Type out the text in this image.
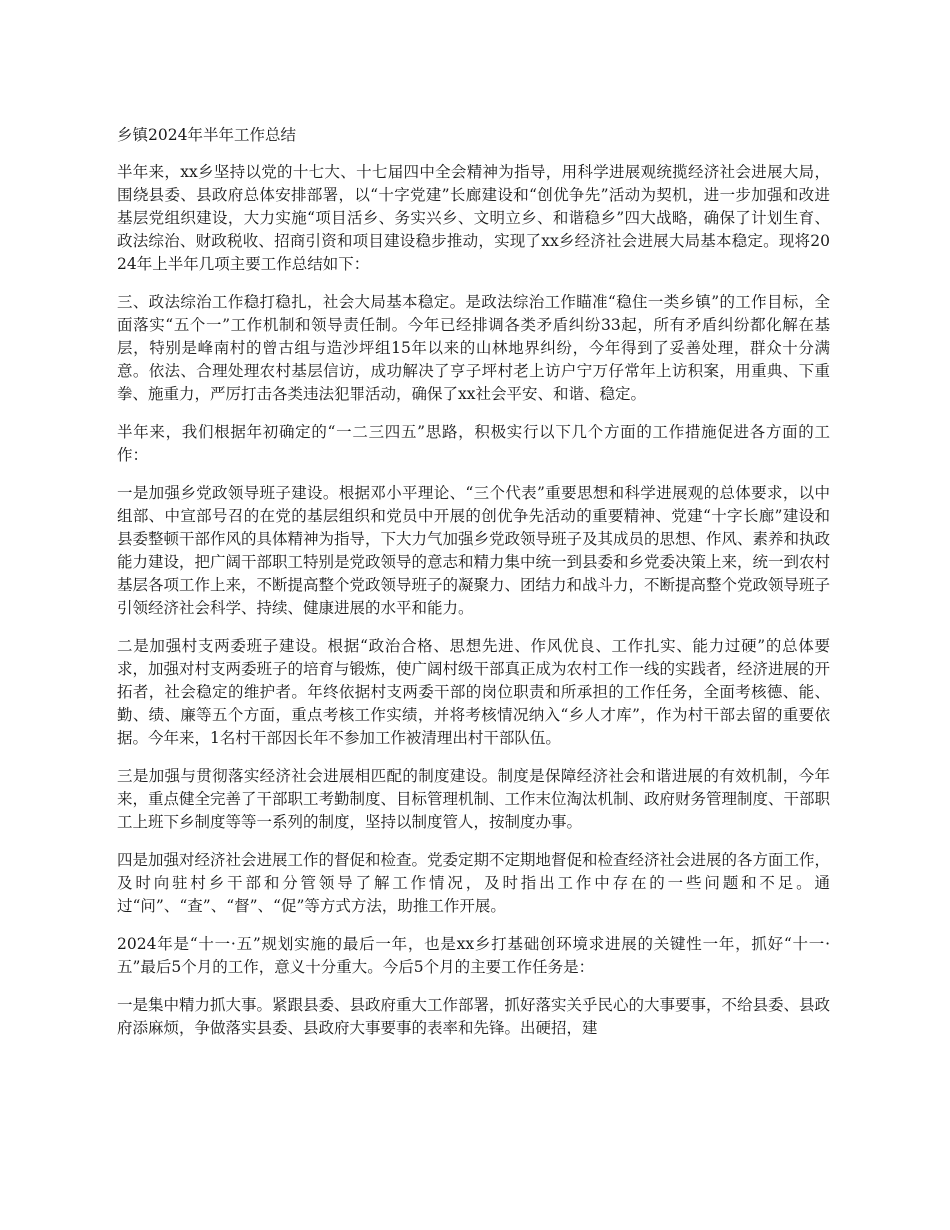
乡镇2024年半年工作总结

半年来，xx乡坚持以党的十七大、十七届四中全会精神为指导，用科学进展观统揽经济社会进展大局，围绕县委、县政府总体安排部署，以“十字党建”长廊建设和“创优争先”活动为契机，进一步加强和改进基层党组织建设，大力实施“项目活乡、务实兴乡、文明立乡、和谐稳乡”四大战略，确保了计划生育、政法综治、财政税收、招商引资和项目建设稳步推动，实现了xx乡经济社会进展大局基本稳定。现将2024年上半年几项主要工作总结如下：

三、政法综治工作稳打稳扎，社会大局基本稳定。是政法综治工作瞄准“稳住一类乡镇”的工作目标，全面落实“五个一”工作机制和领导责任制。今年已经排调各类矛盾纠纷33起，所有矛盾纠纷都化解在基层，特别是峰南村的曾古组与造沙坪组15年以来的山林地界纠纷，今年得到了妥善处理，群众十分满意。依法、合理处理农村基层信访，成功解决了亨子坪村老上访户宁万仔常年上访积案，用重典、下重拳、施重力，严厉打击各类违法犯罪活动，确保了xx社会平安、和谐、稳定。

半年来，我们根据年初确定的“一二三四五”思路，积极实行以下几个方面的工作措施促进各方面的工作：

一是加强乡党政领导班子建设。根据邓小平理论、“三个代表”重要思想和科学进展观的总体要求，以中组部、中宣部号召的在党的基层组织和党员中开展的创优争先活动的重要精神、党建“十字长廊”建设和县委整顿干部作风的具体精神为指导，下大力气加强乡党政领导班子及其成员的思想、作风、素养和执政能力建设，把广阔干部职工特别是党政领导的意志和精力集中统一到县委和乡党委决策上来，统一到农村基层各项工作上来，不断提高整个党政领导班子的凝聚力、团结力和战斗力，不断提高整个党政领导班子引领经济社会科学、持续、健康进展的水平和能力。

二是加强村支两委班子建设。根据“政治合格、思想先进、作风优良、工作扎实、能力过硬”的总体要求，加强对村支两委班子的培育与锻炼，使广阔村级干部真正成为农村工作一线的实践者，经济进展的开拓者，社会稳定的维护者。年终依据村支两委干部的岗位职责和所承担的工作任务，全面考核德、能、勤、绩、廉等五个方面，重点考核工作实绩，并将考核情况纳入“乡人才库”，作为村干部去留的重要依据。今年来，1名村干部因长年不参加工作被清理出村干部队伍。

三是加强与贯彻落实经济社会进展相匹配的制度建设。制度是保障经济社会和谐进展的有效机制，今年来，重点健全完善了干部职工考勤制度、目标管理机制、工作末位淘汰机制、政府财务管理制度、干部职工上班下乡制度等等一系列的制度，坚持以制度管人，按制度办事。

四是加强对经济社会进展工作的督促和检查。党委定期不定期地督促和检查经济社会进展的各方面工作，及时向驻村乡干部和分管领导了解工作情况，及时指出工作中存在的一些问题和不足。通过“问”、“查”、“督”、“促”等方式方法，助推工作开展。

2024年是“十一·五”规划实施的最后一年，也是xx乡打基础创环境求进展的关键性一年，抓好“十一·五”最后5个月的工作，意义十分重大。今后5个月的主要工作任务是：

一是集中精力抓大事。紧跟县委、县政府重大工作部署，抓好落实关乎民心的大事要事，不给县委、县政府添麻烦，争做落实县委、县政府大事要事的表率和先锋。出硬招，建
